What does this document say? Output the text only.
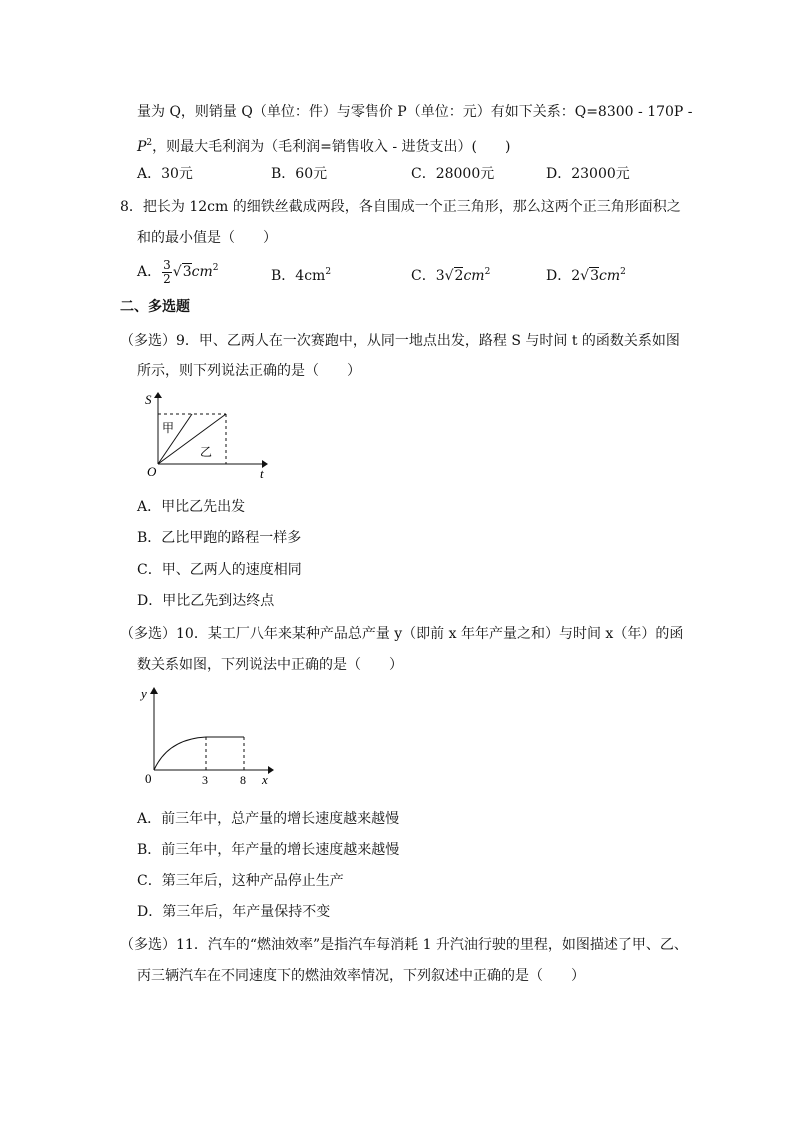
量为 Q，则销量 Q（单位：件）与零售价 P（单位：元）有如下关系：Q=8300 - 170P -
$P^2$，则最大毛利润为（毛利润=销售收入 - 进货支出）(　　)
A．30元	B．60元	C．28000元	D．23000元
8．把长为 12cm 的细铁丝截成两段，各自围成一个正三角形，那么这两个正三角形面积之
和的最小值是（　　）
A． $\frac{3}{2} √3cm^2$	B．$4cm^2$	C．$3√2cm^2$	D．$2√3cm^2$
二、多选题
（多选）9．甲、乙两人在一次赛跑中，从同一地点出发，路程 S 与时间 t 的函数关系如图
所示，则下列说法正确的是（　　）
S
t
O
甲
乙
A．甲比乙先出发
B．乙比甲跑的路程一样多
C．甲、乙两人的速度相同
D．甲比乙先到达终点
（多选）10．某工厂八年来某种产品总产量 y（即前 x 年年产量之和）与时间 x（年）的函
数关系如图，下列说法中正确的是（　　）
y
x
0	3	8
A．前三年中，总产量的增长速度越来越慢
B．前三年中，年产量的增长速度越来越慢
C．第三年后，这种产品停止生产
D．第三年后，年产量保持不变
（多选）11．汽车的“燃油效率”是指汽车每消耗 1 升汽油行驶的里程，如图描述了甲、乙、
丙三辆汽车在不同速度下的燃油效率情况，下列叙述中正确的是（　　）
